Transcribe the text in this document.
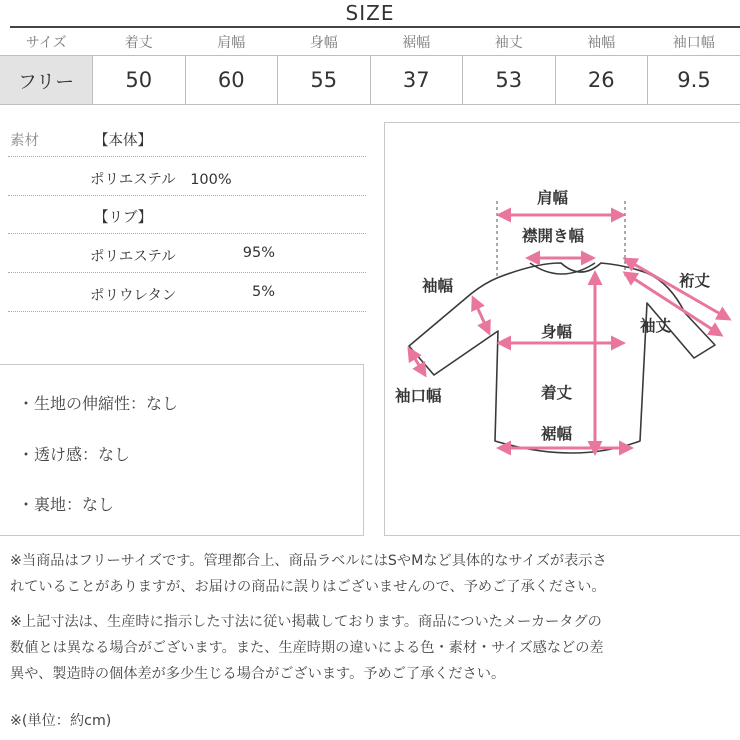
SIZE
サイズ	着丈	肩幅	身幅	裾幅	袖丈	袖幅	袖口幅
フリー	50	60	55	37	53	26	9.5
素材	【本体】
ポリエステル　100%
【リブ】
ポリエステル	95%
ポリウレタン	5%
・生地の伸縮性：なし
・透け感：なし
・裏地：なし
肩幅
襟開き幅
裄丈
袖丈
袖幅
身幅
袖口幅	着丈
裾幅
※当商品はフリーサイズです。管理都合上、商品ラベルにはSやMなど具体的なサイズが表示さ
れていることがありますが、お届けの商品に誤りはございませんので、予めご了承ください。
※上記寸法は、生産時に指示した寸法に従い掲載しております。商品についたメーカータグの
数値とは異なる場合がございます。また、生産時期の違いによる色・素材・サイズ感などの差
異や、製造時の個体差が多少生じる場合がございます。予めご了承ください。
※(単位：約cm)
